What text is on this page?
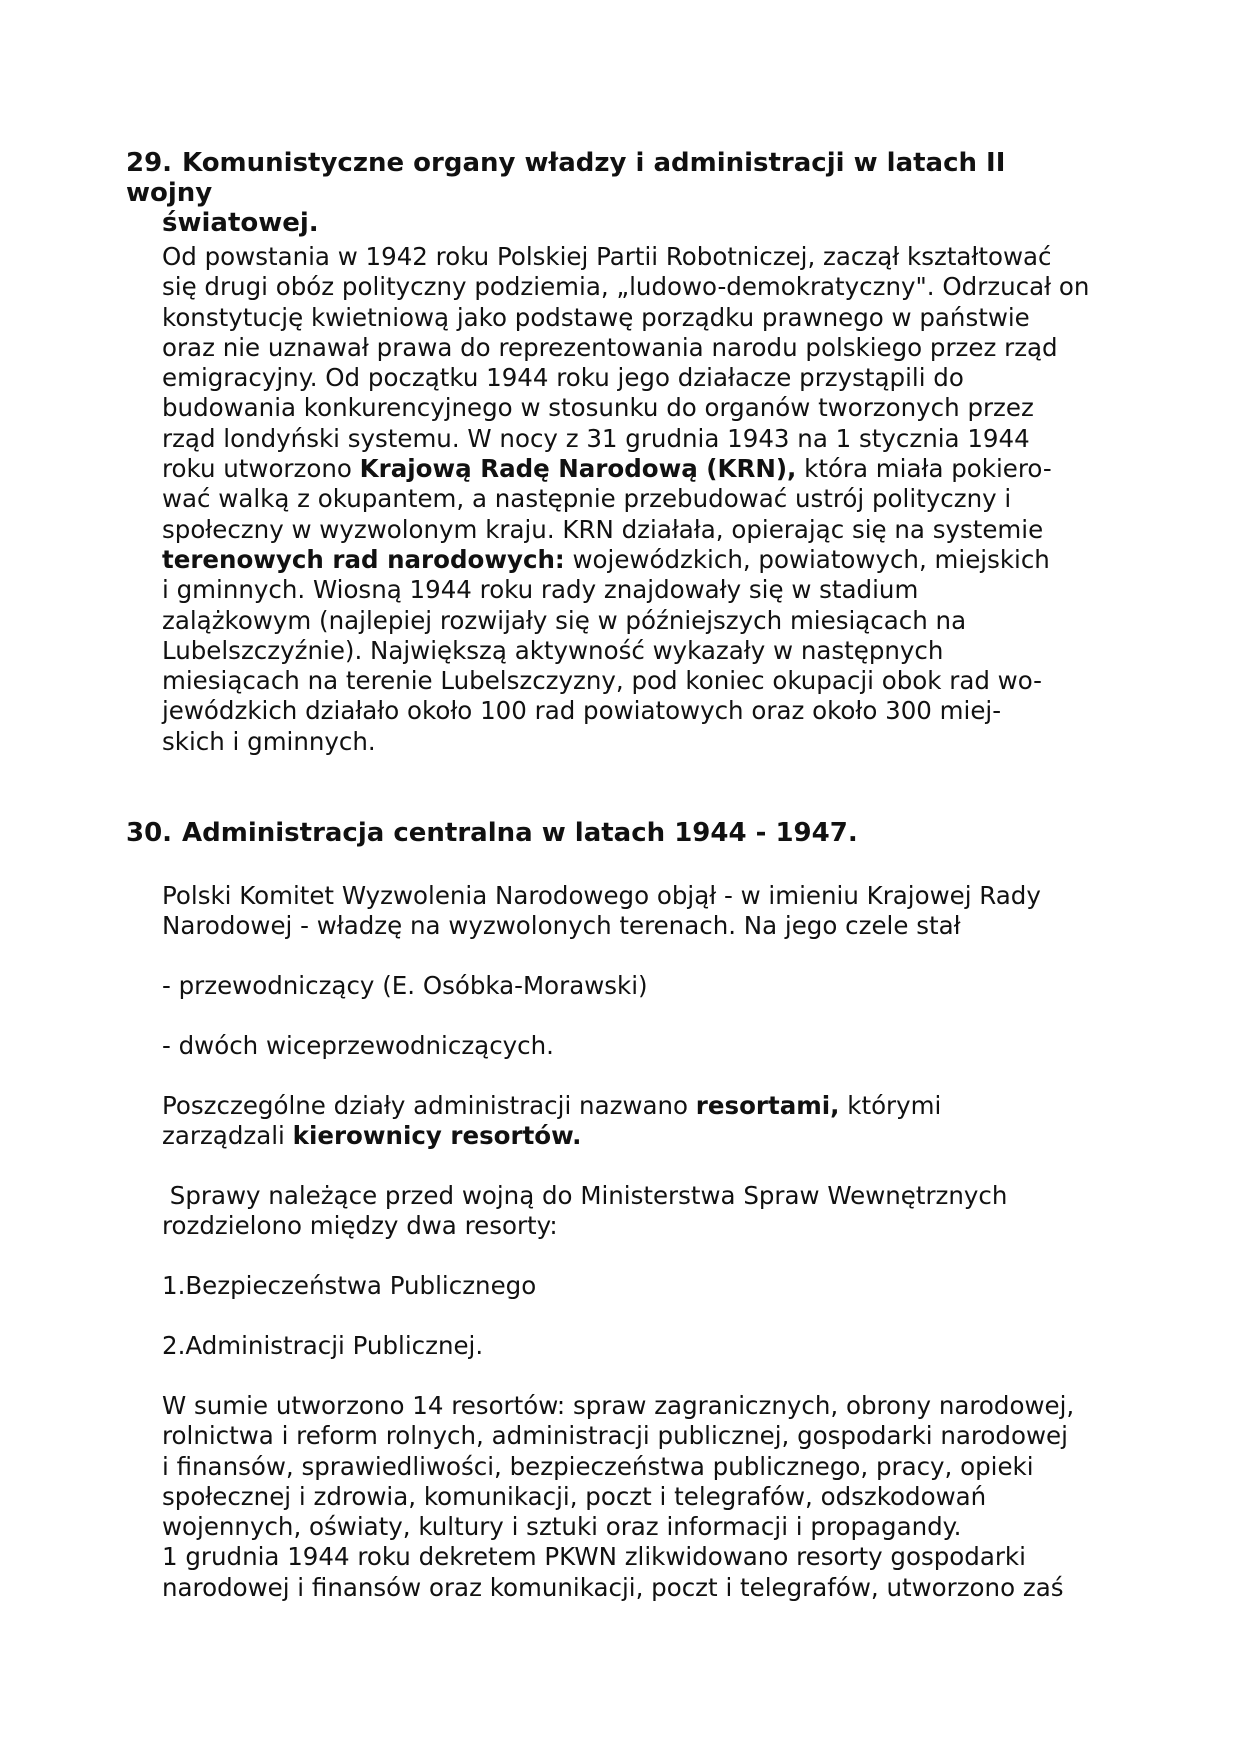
29. Komunistyczne organy władzy i administracji w latach II wojny
światowej.
Od powstania w 1942 roku Polskiej Partii Robotniczej, zaczął kształtować
się drugi obóz polityczny podziemia, „ludowo-demokratyczny". Odrzucał on
konstytucję kwietniową jako podstawę porządku prawnego w państwie
oraz nie uznawał prawa do reprezentowania narodu polskiego przez rząd
emigracyjny. Od początku 1944 roku jego działacze przystąpili do
budowania konkurencyjnego w stosunku do organów tworzonych przez
rząd londyński systemu. W nocy z 31 grudnia 1943 na 1 stycznia 1944
roku utworzono Krajową Radę Narodową (KRN), która miała pokiero-
wać walką z okupantem, a następnie przebudować ustrój polityczny i
społeczny w wyzwolonym kraju. KRN działała, opierając się na systemie
terenowych rad narodowych: wojewódzkich, powiatowych, miejskich
i gminnych. Wiosną 1944 roku rady znajdowały się w stadium
zalążkowym (najlepiej rozwijały się w późniejszych miesiącach na
Lubelszczyźnie). Największą aktywność wykazały w następnych
miesiącach na terenie Lubelszczyzny, pod koniec okupacji obok rad wo-
jewódzkich działało około 100 rad powiatowych oraz około 300 miej-
skich i gminnych.
30. Administracja centralna w latach 1944 - 1947.
Polski Komitet Wyzwolenia Narodowego objął - w imieniu Krajowej Rady
Narodowej - władzę na wyzwolonych terenach. Na jego czele stał
- przewodniczący (E. Osóbka-Morawski)
- dwóch wiceprzewodniczących.
Poszczególne działy administracji nazwano resortami, którymi
zarządzali kierownicy resortów.
Sprawy należące przed wojną do Ministerstwa Spraw Wewnętrznych
rozdzielono między dwa resorty:
1.Bezpieczeństwa Publicznego
2.Administracji Publicznej.
W sumie utworzono 14 resortów: spraw zagranicznych, obrony narodowej,
rolnictwa i reform rolnych, administracji publicznej, gospodarki narodowej
i finansów, sprawiedliwości, bezpieczeństwa publicznego, pracy, opieki
społecznej i zdrowia, komunikacji, poczt i telegrafów, odszkodowań
wojennych, oświaty, kultury i sztuki oraz informacji i propagandy.
1 grudnia 1944 roku dekretem PKWN zlikwidowano resorty gospodarki
narodowej i finansów oraz komunikacji, poczt i telegrafów, utworzono zaś
